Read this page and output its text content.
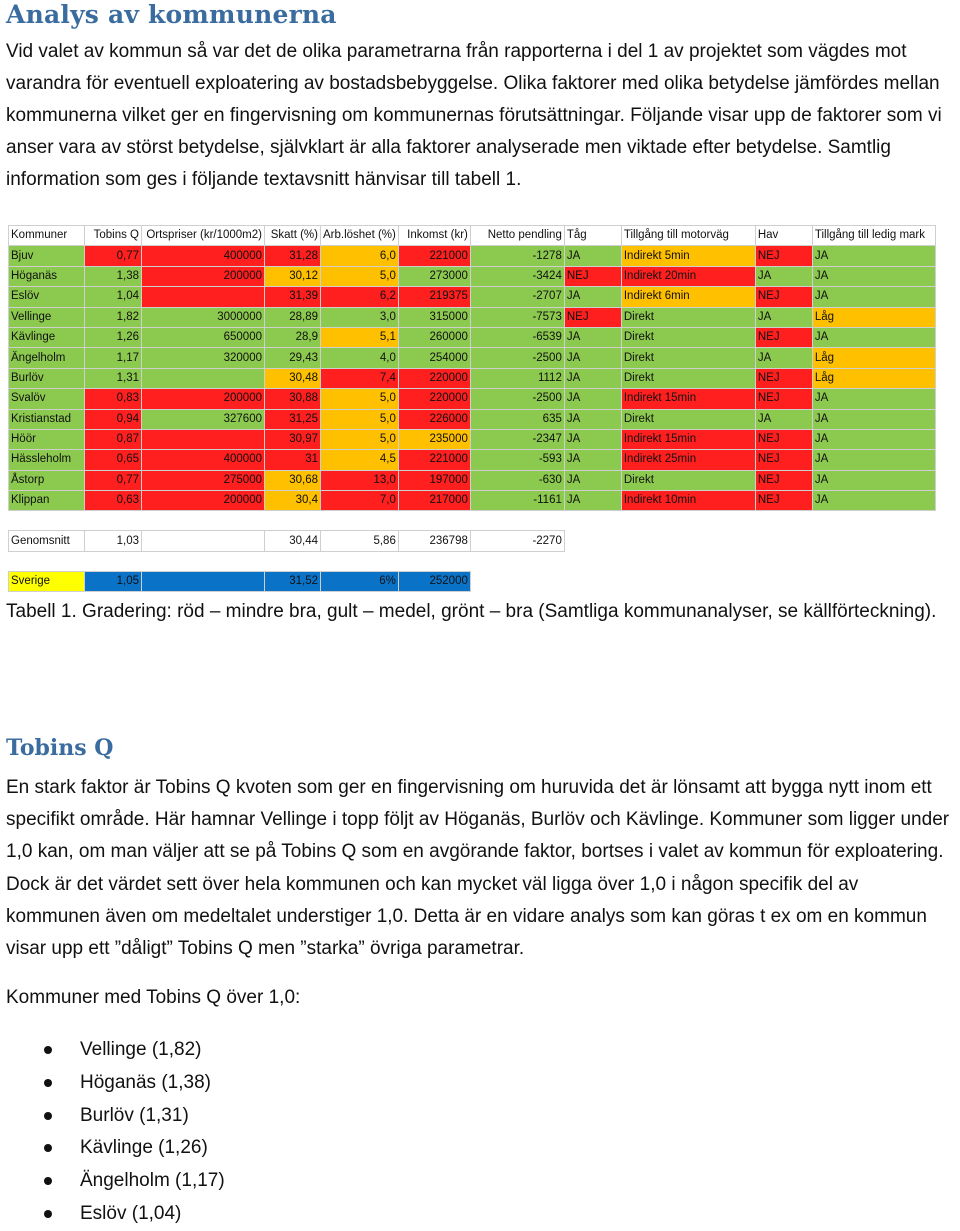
Analys av kommunerna

Vid valet av kommun så var det de olika parametrarna från rapporterna i del 1 av projektet som vägdes mot varandra för eventuell exploatering av bostadsbebyggelse. Olika faktorer med olika betydelse jämfördes mellan kommunerna vilket ger en fingervisning om kommunernas förutsättningar. Följande visar upp de faktorer som vi anser vara av störst betydelse, självklart är alla faktorer analyserade men viktade efter betydelse. Samtlig information som ges i följande textavsnitt hänvisar till tabell 1.

Kommuner	Tobins Q	Ortspriser (kr/1000m2)	Skatt (%)	Arb.löshet (%)	Inkomst (kr)	Netto pendling	Tåg	Tillgång till motorväg	Hav	Tillgång till ledig mark
Bjuv	0,77	400000	31,28	6,0	221000	-1278	JA	Indirekt 5min	NEJ	JA
Höganäs	1,38	200000	30,12	5,0	273000	-3424	NEJ	Indirekt 20min	JA	JA
Eslöv	1,04		31,39	6,2	219375	-2707	JA	Indirekt 6min	NEJ	JA
Vellinge	1,82	3000000	28,89	3,0	315000	-7573	NEJ	Direkt	JA	Låg
Kävlinge	1,26	650000	28,9	5,1	260000	-6539	JA	Direkt	NEJ	JA
Ängelholm	1,17	320000	29,43	4,0	254000	-2500	JA	Direkt	JA	Låg
Burlöv	1,31		30,48	7,4	220000	1112	JA	Direkt	NEJ	Låg
Svalöv	0,83	200000	30,88	5,0	220000	-2500	JA	Indirekt 15min	NEJ	JA
Kristianstad	0,94	327600	31,25	5,0	226000	635	JA	Direkt	JA	JA
Höör	0,87		30,97	5,0	235000	-2347	JA	Indirekt 15min	NEJ	JA
Hässleholm	0,65	400000	31	4,5	221000	-593	JA	Indirekt 25min	NEJ	JA
Åstorp	0,77	275000	30,68	13,0	197000	-630	JA	Direkt	NEJ	JA
Klippan	0,63	200000	30,4	7,0	217000	-1161	JA	Indirekt 10min	NEJ	JA

Genomsnitt	1,03		30,44	5,86	236798	-2270				

Sverige	1,05		31,52	6%	252000					

Tabell 1. Gradering: röd – mindre bra, gult – medel, grönt – bra (Samtliga kommunanalyser, se källförteckning).

Tobins Q

En stark faktor är Tobins Q kvoten som ger en fingervisning om huruvida det är lönsamt att bygga nytt inom ett specifikt område. Här hamnar Vellinge i topp följt av Höganäs, Burlöv och Kävlinge. Kommuner som ligger under 1,0 kan, om man väljer att se på Tobins Q som en avgörande faktor, bortses i valet av kommun för exploatering. Dock är det värdet sett över hela kommunen och kan mycket väl ligga över 1,0 i någon specifik del av kommunen även om medeltalet understiger 1,0. Detta är en vidare analys som kan göras t ex om en kommun visar upp ett ”dåligt” Tobins Q men ”starka” övriga parametrar.

Kommuner med Tobins Q över 1,0:

Vellinge (1,82)
Höganäs (1,38)
Burlöv (1,31)
Kävlinge (1,26)
Ängelholm (1,17)
Eslöv (1,04)
